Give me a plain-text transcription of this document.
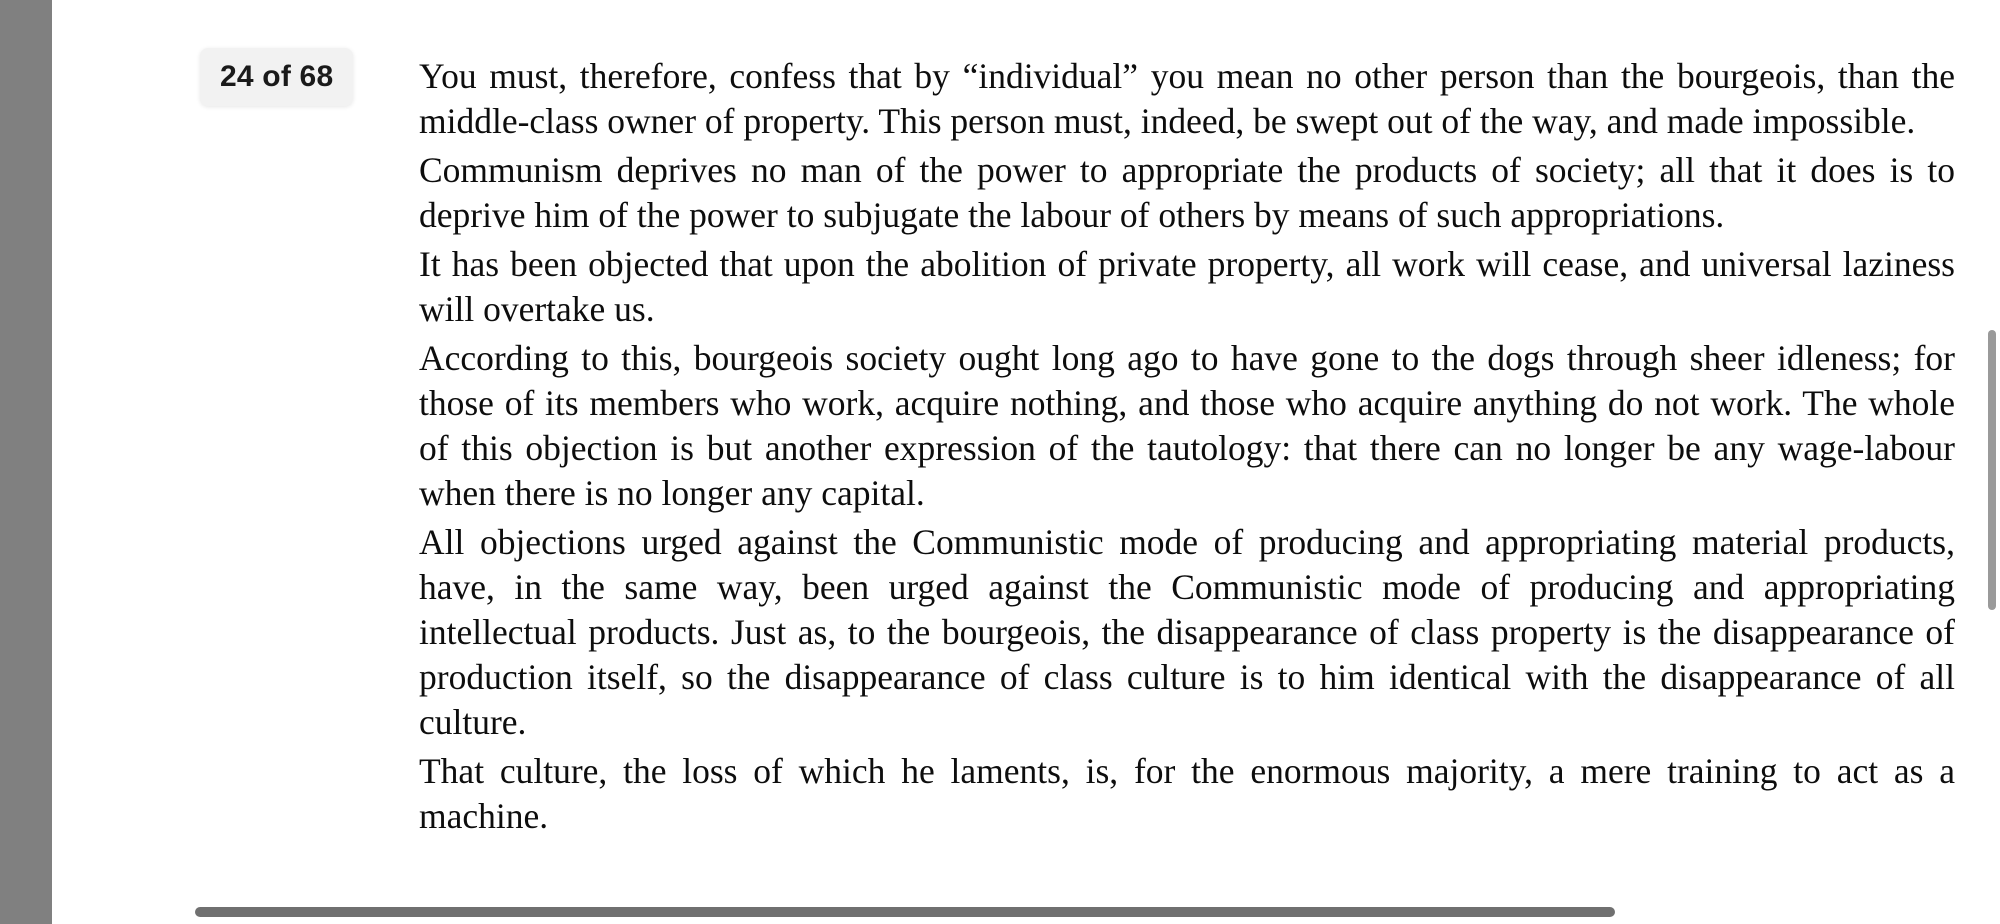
24 of 68	You must, therefore, confess that by “individual” you mean no other person than the bourgeois, than the middle-class owner of property. This person must, indeed, be swept out of the way, and made impossible.

Communism deprives no man of the power to appropriate the products of society; all that it does is to deprive him of the power to subjugate the labour of others by means of such appropriations.

It has been objected that upon the abolition of private property, all work will cease, and universal laziness will overtake us.

According to this, bourgeois society ought long ago to have gone to the dogs through sheer idleness; for those of its members who work, acquire nothing, and those who acquire anything do not work. The whole of this objection is but another expression of the tautology: that there can no longer be any wage-labour when there is no longer any capital.

All objections urged against the Communistic mode of producing and appropriating material products, have, in the same way, been urged against the Communistic mode of producing and appropriating intellectual products. Just as, to the bourgeois, the disappearance of class property is the disappearance of production itself, so the disappearance of class culture is to him identical with the disappearance of all culture.

That culture, the loss of which he laments, is, for the enormous majority, a mere training to act as a machine.
